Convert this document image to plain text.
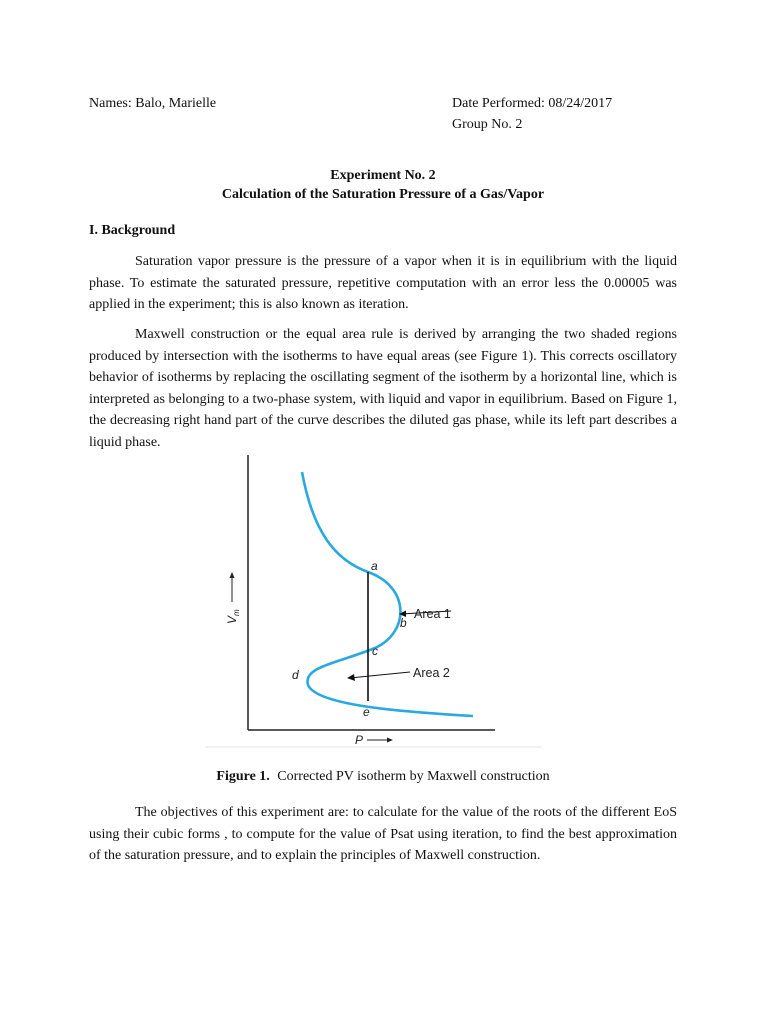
Names: Balo, Marielle	Date Performed: 08/24/2017
Group No. 2
Experiment No. 2
Calculation of the Saturation Pressure of a Gas/Vapor
I. Background

Saturation vapor pressure is the pressure of a vapor when it is in equilibrium with the liquid phase. To estimate the saturated pressure, repetitive computation with an error less the 0.00005 was applied in the experiment; this is also known as iteration.

Maxwell construction or the equal area rule is derived by arranging the two shaded regions produced by intersection with the isotherms to have equal areas (see Figure 1). This corrects oscillatory behavior of isotherms by replacing the oscillating segment of the isotherm by a horizontal line, which is interpreted as belonging to a two-phase system, with liquid and vapor in equilibrium. Based on Figure 1, the decreasing right hand part of the curve describes the diluted gas phase, while its left part describes a liquid phase.

a
b
c
d
e
Area 1
Area 2
P
$V_m$
Figure 1. Corrected PV isotherm by Maxwell construction

The objectives of this experiment are: to calculate for the value of the roots of the different EoS using their cubic forms , to compute for the value of Psat using iteration, to find the best approximation of the saturation pressure, and to explain the principles of Maxwell construction.
